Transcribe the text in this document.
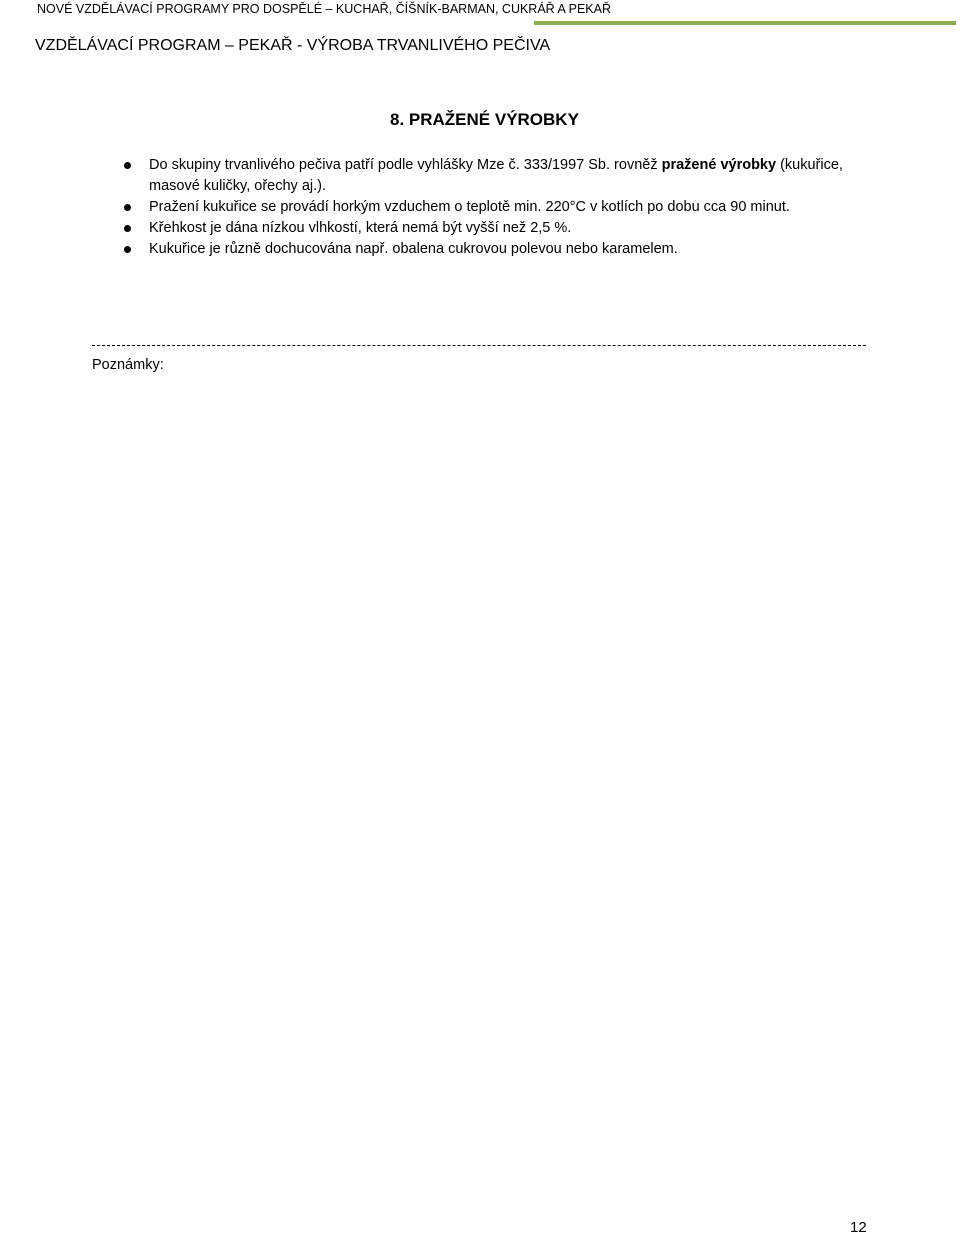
NOVÉ VZDĚLÁVACÍ PROGRAMY PRO DOSPĚLÉ – KUCHAŘ, ČÍŠNÍK-BARMAN, CUKRÁŘ A PEKAŘ
VZDĚLÁVACÍ PROGRAM – PEKAŘ - VÝROBA TRVANLIVÉHO PEČIVA
8. PRAŽENÉ VÝROBKY
Do skupiny trvanlivého pečiva patří podle vyhlášky Mze č. 333/1997 Sb. rovněž pražené výrobky (kukuřice, masové kuličky, ořechy aj.).
Pražení kukuřice se provádí horkým vzduchem o teplotě min. 220°C v kotlích po dobu cca 90 minut.
Křehkost je dána nízkou vlhkostí, která nemá být vyšší než 2,5 %.
Kukuřice je různě dochucována např. obalena cukrovou polevou nebo karamelem.
Poznámky:
12
